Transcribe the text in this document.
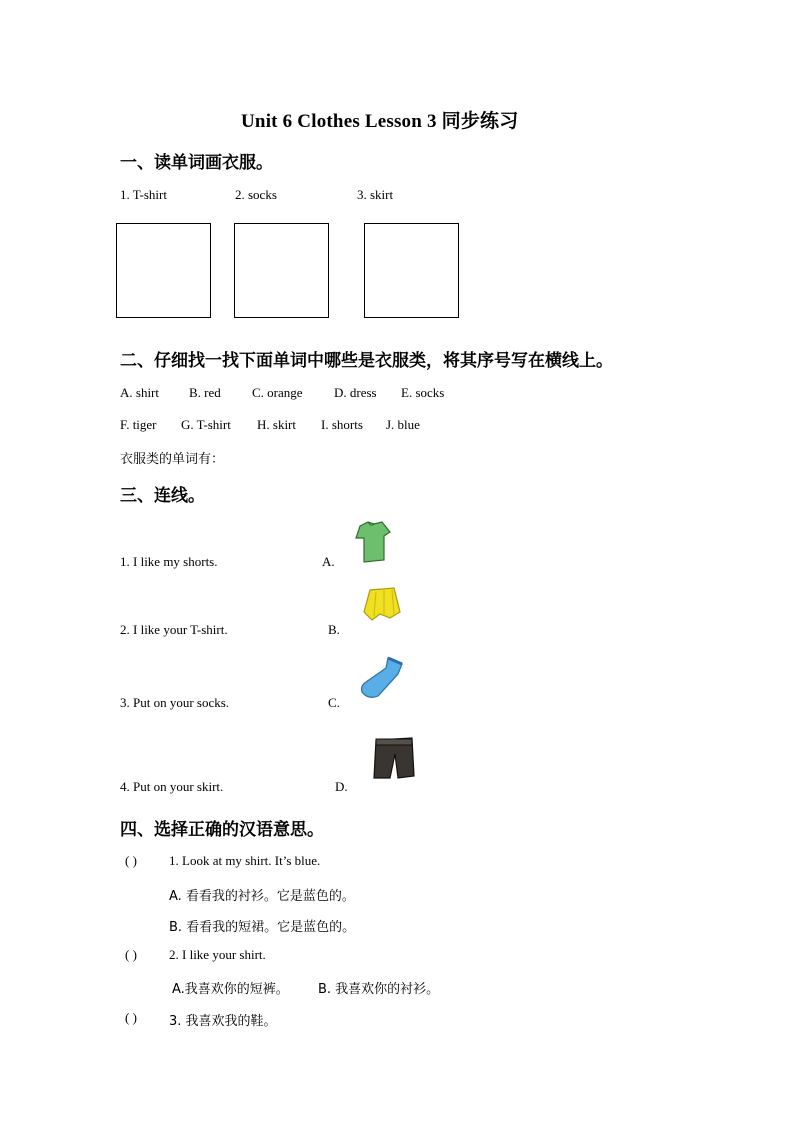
Unit 6 Clothes Lesson 3 同步练习
一、读单词画衣服。
1. T-shirt	2. socks	3. skirt
二、仔细找一找下面单词中哪些是衣服类，将其序号写在横线上。
A. shirt B. red C. orange D. dress E. socks
F. tiger G. T-shirt H. skirt I. shorts J. blue
衣服类的单词有：
三、连线。
1. I like my shorts.	A.
2. I like your T-shirt.	B.
3. Put on your socks.	C.
4. Put on your skirt.	D.
四、选择正确的汉语意思。
( ) 1. Look at my shirt. It’s blue.
A. 看看我的衬衫。它是蓝色的。
B. 看看我的短裙。它是蓝色的。
( ) 2. I like your shirt.
A.我喜欢你的短裤。 B. 我喜欢你的衬衫。
( ) 3. 我喜欢我的鞋。
